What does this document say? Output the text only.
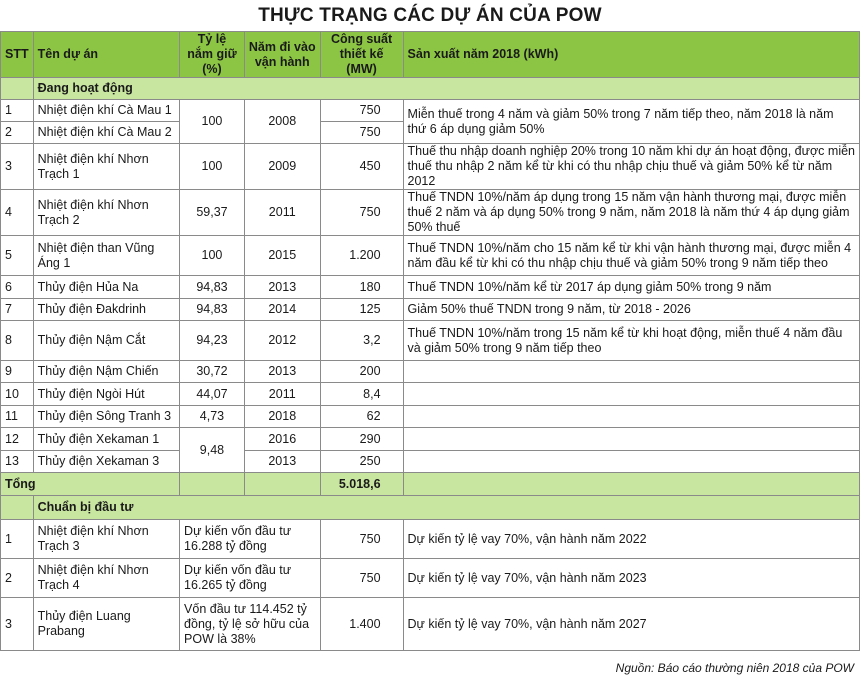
THỰC TRẠNG CÁC DỰ ÁN CỦA POW
STT	Tên dự án	Tỷ lệ nắm giữ (%)	Năm đi vào vận hành	Công suất thiết kế (MW)	Sản xuất năm 2018 (kWh)
	Đang hoạt động				
1	Nhiệt điện khí Cà Mau 1	100	2008	750	Miễn thuế trong 4 năm và giảm 50% trong 7 năm tiếp theo, năm 2018 là năm thứ 6 áp dụng giảm 50%
2	Nhiệt điện khí Cà Mau 2			750	
3	Nhiệt điện khí Nhơn Trạch 1	100	2009	450	Thuế thu nhập doanh nghiệp 20% trong 10 năm khi dự án hoạt động, được miễn thuế thu nhập 2 năm kể từ khi có thu nhập chịu thuế và giảm 50% kể từ năm 2012
4	Nhiệt điện khí Nhơn Trạch 2	59,37	2011	750	Thuế TNDN 10%/năm áp dụng trong 15 năm vận hành thương mại, được miễn thuế 2 năm và áp dụng 50% trong 9 năm, năm 2018 là năm thứ 4 áp dụng giảm 50% thuế
5	Nhiệt điện than Vũng Áng 1	100	2015	1.200	Thuế TNDN 10%/năm cho 15 năm kể từ khi vận hành thương mại, được miễn 4 năm đầu kể từ khi có thu nhập chịu thuế và giảm 50% trong 9 năm tiếp theo
6	Thủy điện Hủa Na	94,83	2013	180	Thuế TNDN 10%/năm kể từ 2017 áp dụng giảm 50% trong 9 năm
7	Thủy điện Đakdrinh	94,83	2014	125	Giảm 50% thuế TNDN trong 9 năm, từ 2018 - 2026
8	Thủy điện Nậm Cắt	94,23	2012	3,2	Thuế TNDN 10%/năm trong 15 năm kể từ khi hoạt động, miễn thuế 4 năm đầu và giảm 50% trong 9 năm tiếp theo
9	Thủy điện Nậm Chiến	30,72	2013	200	
10	Thủy điện Ngòi Hút	44,07	2011	8,4	
11	Thủy điện Sông Tranh 3	4,73	2018	62	
12	Thủy điện Xekaman 1	9,48	2016	290	
13	Thủy điện Xekaman 3		2013	250	
Tổng				5.018,6	
	Chuẩn bị đầu tư				
1	Nhiệt điện khí Nhơn Trạch 3	Dự kiến vốn đầu tư 16.288 tỷ đồng		750	Dự kiến tỷ lệ vay 70%, vận hành năm 2022
2	Nhiệt điện khí Nhơn Trạch 4	Dự kiến vốn đầu tư 16.265 tỷ đồng		750	Dự kiến tỷ lệ vay 70%, vận hành năm 2023
3	Thủy điện Luang Prabang	Vốn đầu tư 114.452 tỷ đồng, tỷ lệ sở hữu của POW là 38%		1.400	Dự kiến tỷ lệ vay 70%, vận hành năm 2027
Nguồn: Báo cáo thường niên 2018 của POW
